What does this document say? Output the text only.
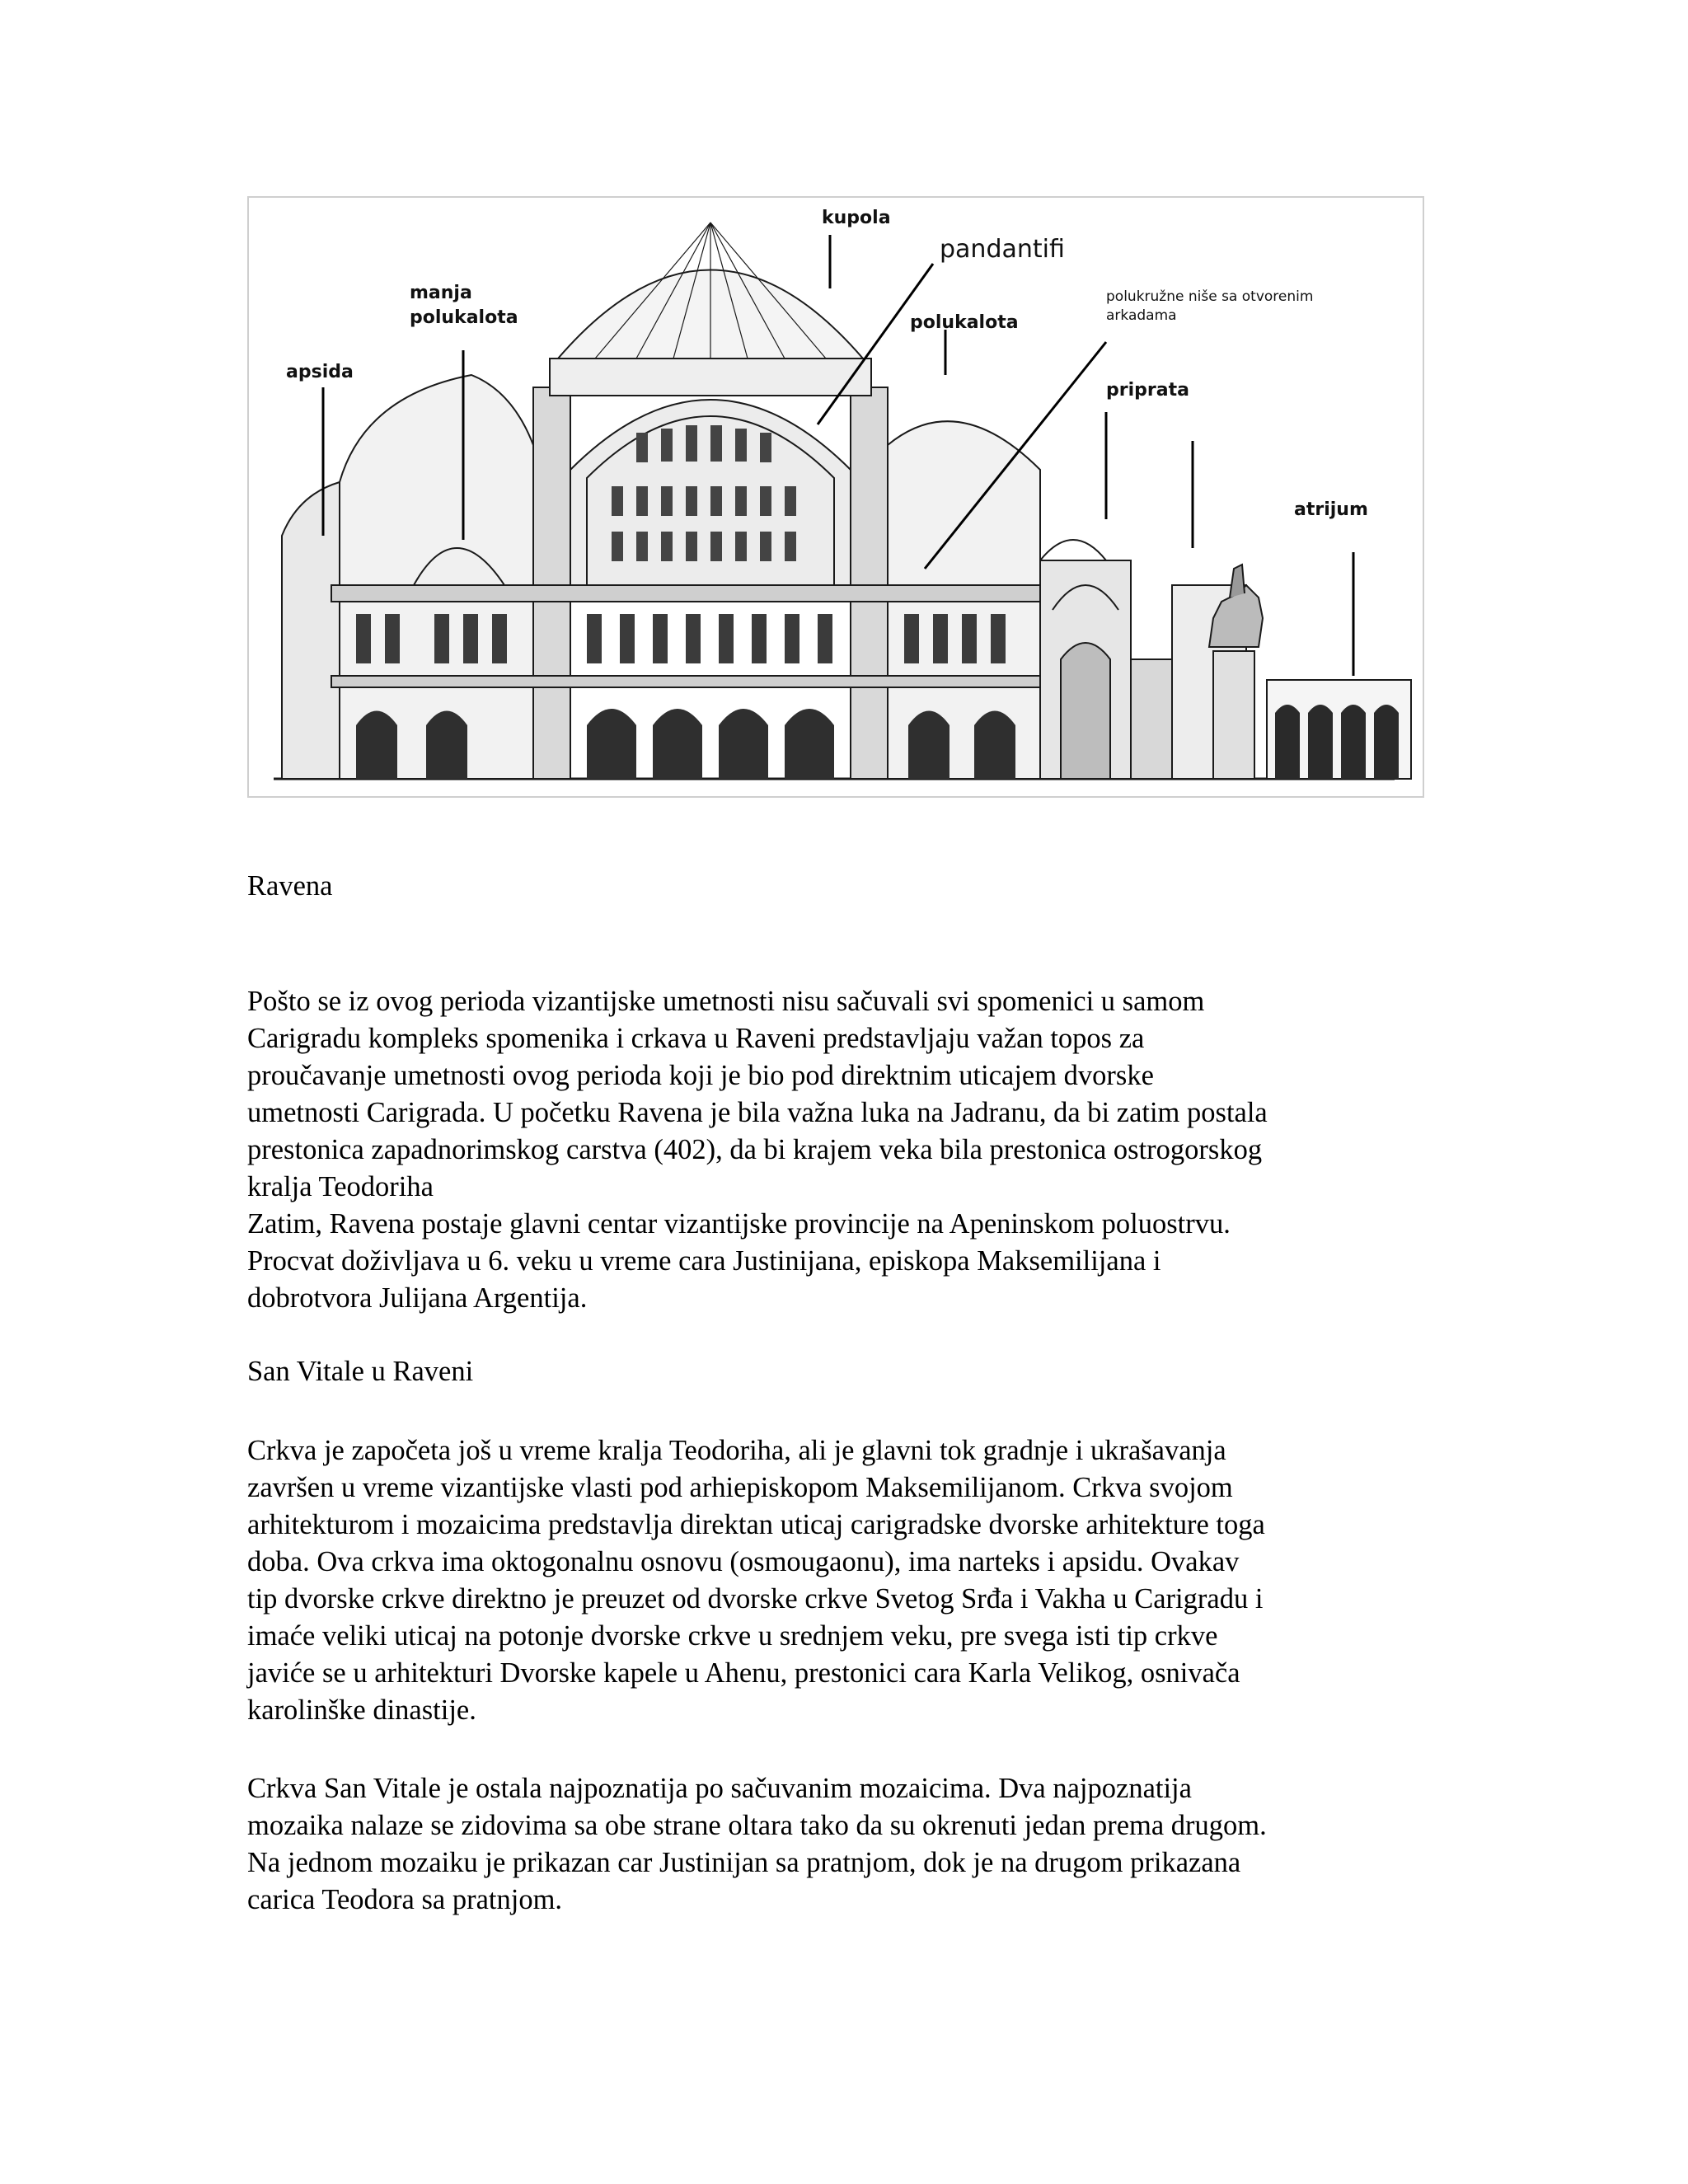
kupola
pandantifi
manja
polukalota
apsida
polukalota
polukružne niše sa otvorenim
arkadama
priprata
atrijum
Ravena

Pošto se iz ovog perioda vizantijske umetnosti nisu sačuvali svi spomenici u samom

Carigradu kompleks spomenika i crkava u Raveni predstavljaju važan topos za

proučavanje umetnosti ovog perioda koji je bio pod direktnim uticajem dvorske

umetnosti Carigrada. U početku Ravena je bila važna luka na Jadranu, da bi zatim postala

prestonica zapadnorimskog carstva (402), da bi krajem veka bila prestonica ostrogorskog

kralja Teodoriha

Zatim, Ravena postaje glavni centar vizantijske provincije na Apeninskom poluostrvu.

Procvat doživljava u 6. veku u vreme cara Justinijana, episkopa Maksemilijana i

dobrotvora Julijana Argentija.

San Vitale u Raveni

Crkva je započeta još u vreme kralja Teodoriha, ali je glavni tok gradnje i ukrašavanja

završen u vreme vizantijske vlasti pod arhiepiskopom Maksemilijanom. Crkva svojom

arhitekturom i mozaicima predstavlja direktan uticaj carigradske dvorske arhitekture toga

doba. Ova crkva ima oktogonalnu osnovu (osmougaonu), ima narteks i apsidu. Ovakav

tip dvorske crkve direktno je preuzet od dvorske crkve Svetog Srđa i Vakha u Carigradu i

imaće veliki uticaj na potonje dvorske crkve u srednjem veku, pre svega isti tip crkve

javiće se u arhitekturi Dvorske kapele u Ahenu, prestonici cara Karla Velikog, osnivača

karolinške dinastije.

Crkva San Vitale je ostala najpoznatija po sačuvanim mozaicima. Dva najpoznatija

mozaika nalaze se zidovima sa obe strane oltara tako da su okrenuti jedan prema drugom.

Na jednom mozaiku je prikazan car Justinijan sa pratnjom, dok je na drugom prikazana

carica Teodora sa pratnjom.
